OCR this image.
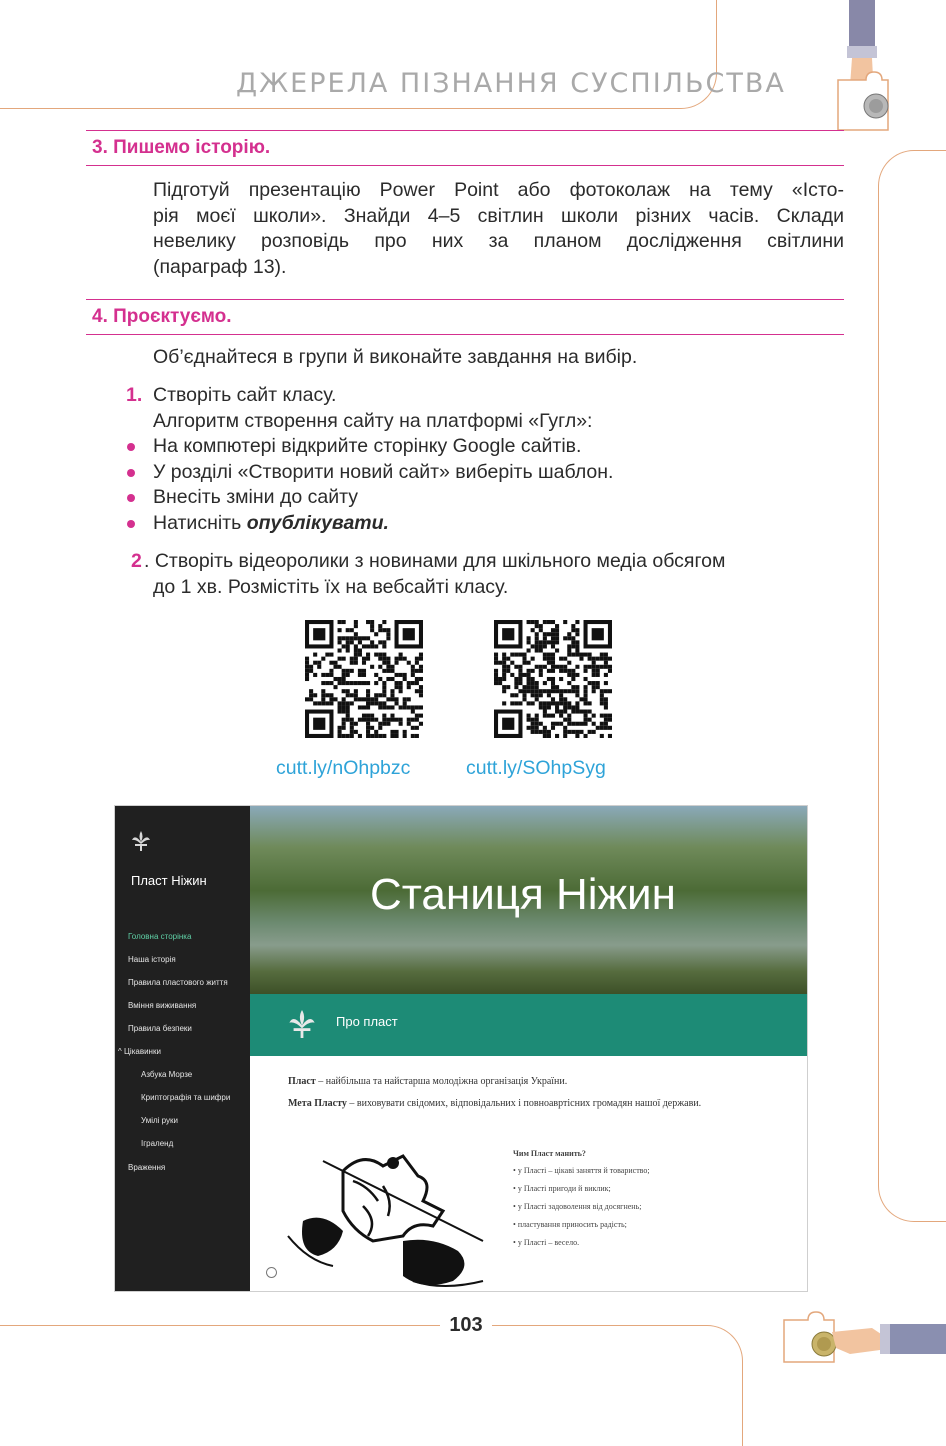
ДЖЕРЕЛА ПІЗНАННЯ СУСПІЛЬСТВА
3. Пишемо історію.
Підготуй презентацію Power Point або фотоколаж на тему «Істо-
рія моєї школи». Знайди 4–5 світлин школи різних часів. Склади
невелику розповідь про них за планом дослідження світлини
(параграф 13).
4. Проєктуємо.
Об’єднайтеся в групи й виконайте завдання на вибір.
1. Створіть сайт класу.
Алгоритм створення сайту на платформі «Гугл»:
На компютері відкрийте сторінку Google сайтів.
У розділі «Створити новий сайт» виберіть шаблон.
Внесіть зміни до сайту
Натисніть опублікувати.
2 . Створіть відеоролики з новинами для шкільного медіа обсягом
до 1 хв. Розмістіть їх на вебсайті класу.
cutt.ly/nOhpbzc	cutt.ly/SOhpSyg
Пласт Ніжин
Головна сторінка
Наша історія
Правила пластового життя
Вміння виживання
Правила безпеки
^ Цікавинки
Азбука Морзе
Криптографія та шифри
Умілі руки
Іграленд
Враження
Станиця Ніжин
Про пласт
Пласт – найбільша та найстарша молодіжна організація України.
Мета Пласту – виховувати свідомих, відповідальних і повноавртісних громадян нашої держави.
Чим Пласт манить?
• у Пласті – цікаві заняття й товариство;
• у Пласті пригоди й виклик;
• у Пласті задоволення від досягнень;
• пластування приносить радість;
• у Пласті – весело.
103
